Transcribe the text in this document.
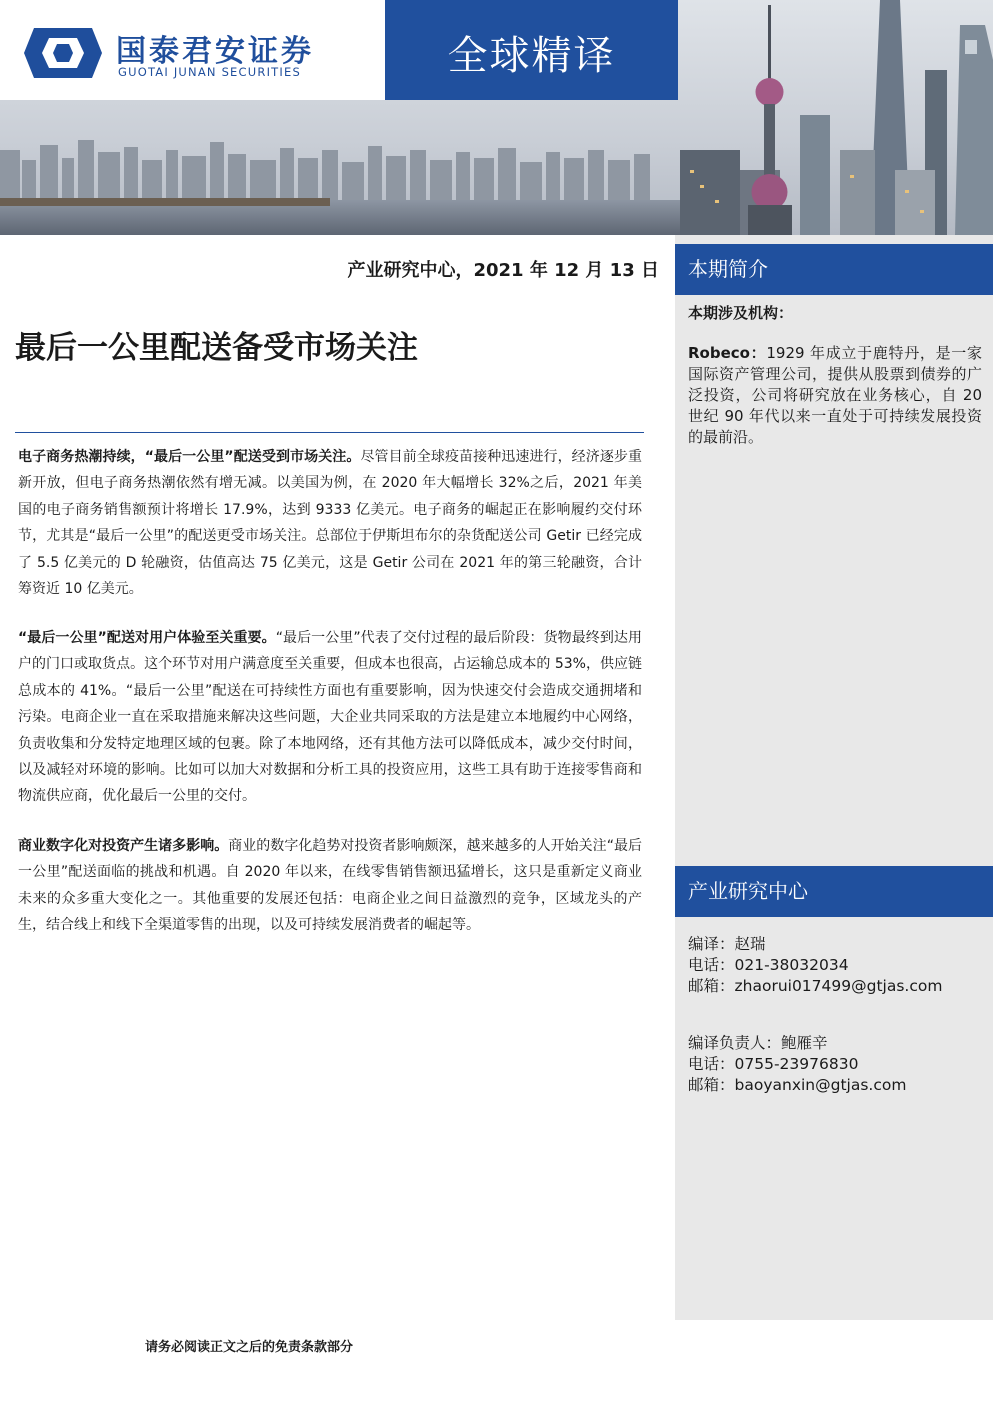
国泰君安证券
GUOTAI JUNAN SECURITIES	全球精译
本期简介
本期涉及机构：
Robeco：1929 年成立于鹿特丹，是一家国际资产管理公司，提供从股票到债券的广泛投资，公司将研究放在业务核心，自 20 世纪 90 年代以来一直处于可持续发展投资的最前沿。
产业研究中心
编译：赵瑞
电话：021-38032034
邮箱：zhaorui017499@gtjas.com
编译负责人：鲍雁辛
电话：0755-23976830
邮箱：baoyanxin@gtjas.com
产业研究中心，2021 年 12 月 13 日
最后一公里配送备受市场关注
电子商务热潮持续，“最后一公里”配送受到市场关注。尽管目前全球疫苗接种迅速进行，经济逐步重新开放，但电子商务热潮依然有增无减。以美国为例，在 2020 年大幅增长 32%之后，2021 年美国的电子商务销售额预计将增长 17.9%，达到 9333 亿美元。电子商务的崛起正在影响履约交付环节，尤其是“最后一公里”的配送更受市场关注。总部位于伊斯坦布尔的杂货配送公司 Getir 已经完成了 5.5 亿美元的 D 轮融资，估值高达 75 亿美元，这是 Getir 公司在 2021 年的第三轮融资，合计筹资近 10 亿美元。
“最后一公里”配送对用户体验至关重要。“最后一公里”代表了交付过程的最后阶段：货物最终到达用户的门口或取货点。这个环节对用户满意度至关重要，但成本也很高，占运输总成本的 53%，供应链总成本的 41%。“最后一公里”配送在可持续性方面也有重要影响，因为快速交付会造成交通拥堵和污染。电商企业一直在采取措施来解决这些问题，大企业共同采取的方法是建立本地履约中心网络，负责收集和分发特定地理区域的包裹。除了本地网络，还有其他方法可以降低成本，减少交付时间，以及减轻对环境的影响。比如可以加大对数据和分析工具的投资应用，这些工具有助于连接零售商和物流供应商，优化最后一公里的交付。
商业数字化对投资产生诸多影响。商业的数字化趋势对投资者影响颇深，越来越多的人开始关注“最后一公里”配送面临的挑战和机遇。自 2020 年以来，在线零售销售额迅猛增长，这只是重新定义商业未来的众多重大变化之一。其他重要的发展还包括：电商企业之间日益激烈的竞争，区域龙头的产生，结合线上和线下全渠道零售的出现，以及可持续发展消费者的崛起等。
请务必阅读正文之后的免责条款部分
